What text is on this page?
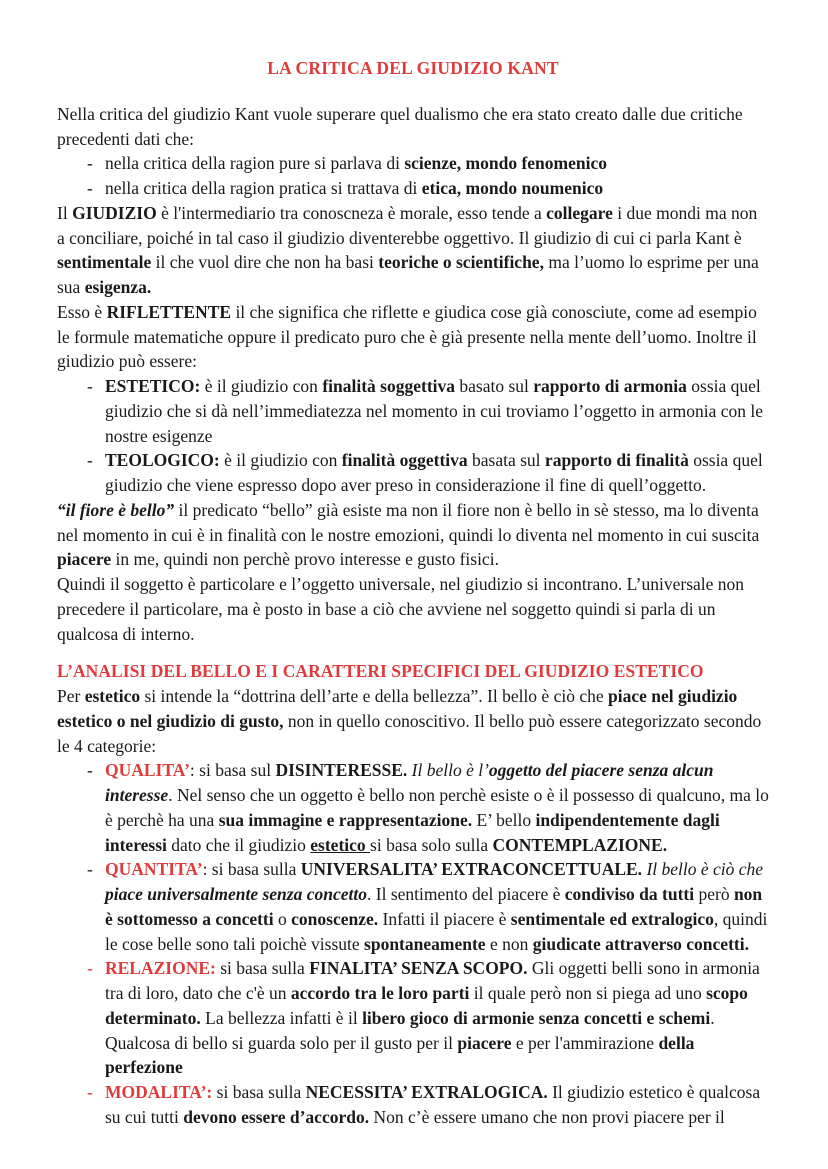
LA CRITICA DEL GIUDIZIO KANT

Nella critica del giudizio Kant vuole superare quel dualismo che era stato creato dalle due critiche precedenti dati che:

- nella critica della ragion pure si parlava di scienze, mondo fenomenico
- nella critica della ragion pratica si trattava di etica, mondo noumenico

Il GIUDIZIO è l'intermediario tra conoscneza è morale, esso tende a collegare i due mondi ma non a conciliare, poiché in tal caso il giudizio diventerebbe oggettivo. Il giudizio di cui ci parla Kant è sentimentale il che vuol dire che non ha basi teoriche o scientifiche, ma l’uomo lo esprime per una sua esigenza.

Esso è RIFLETTENTE il che significa che riflette e giudica cose già conosciute, come ad esempio le formule matematiche oppure il predicato puro che è già presente nella mente dell’uomo. Inoltre il giudizio può essere:

- ESTETICO: è il giudizio con finalità soggettiva basato sul rapporto di armonia ossia quel giudizio che si dà nell’immediatezza nel momento in cui troviamo l’oggetto in armonia con le nostre esigenze
- TEOLOGICO: è il giudizio con finalità oggettiva basata sul rapporto di finalità ossia quel giudizio che viene espresso dopo aver preso in considerazione il fine di quell’oggetto.

“il fiore è bello” il predicato “bello” già esiste ma non il fiore non è bello in sè stesso, ma lo diventa nel momento in cui è in finalità con le nostre emozioni, quindi lo diventa nel momento in cui suscita piacere in me, quindi non perchè provo interesse e gusto fisici.

Quindi il soggetto è particolare e l’oggetto universale, nel giudizio si incontrano. L’universale non precedere il particolare, ma è posto in base a ciò che avviene nel soggetto quindi si parla di un qualcosa di interno.

L’ANALISI DEL BELLO E I CARATTERI SPECIFICI DEL GIUDIZIO ESTETICO

Per estetico si intende la “dottrina dell’arte e della bellezza”. Il bello è ciò che piace nel giudizio estetico o nel giudizio di gusto, non in quello conoscitivo. Il bello può essere categorizzato secondo le 4 categorie:

- QUALITA’: si basa sul DISINTERESSE. Il bello è l’oggetto del piacere senza alcun interesse. Nel senso che un oggetto è bello non perchè esiste o è il possesso di qualcuno, ma lo è perchè ha una sua immagine e rappresentazione. E’ bello indipendentemente dagli interessi dato che il giudizio estetico si basa solo sulla CONTEMPLAZIONE.
- QUANTITA’: si basa sulla UNIVERSALITA’ EXTRACONCETTUALE. Il bello è ciò che piace universalmente senza concetto. Il sentimento del piacere è condiviso da tutti però non è sottomesso a concetti o conoscenze. Infatti il piacere è sentimentale ed extralogico, quindi le cose belle sono tali poichè vissute spontaneamente e non giudicate attraverso concetti.
- RELAZIONE: si basa sulla FINALITA’ SENZA SCOPO. Gli oggetti belli sono in armonia tra di loro, dato che c'è un accordo tra le loro parti il quale però non si piega ad uno scopo determinato. La bellezza infatti è il libero gioco di armonie senza concetti e schemi. Qualcosa di bello si guarda solo per il gusto per il piacere e per l'ammirazione della perfezione
- MODALITA’: si basa sulla NECESSITA’ EXTRALOGICA. Il giudizio estetico è qualcosa su cui tutti devono essere d’accordo. Non c’è essere umano che non provi piacere per il
